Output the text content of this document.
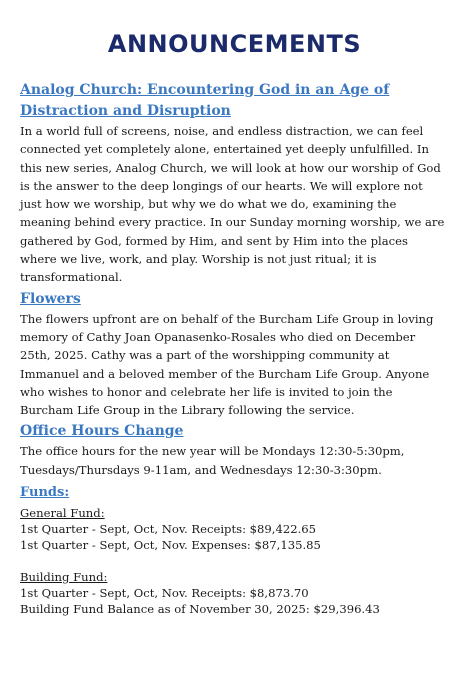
ANNOUNCEMENTS

Analog Church: Encountering God in an Age of Distraction and Disruption

In a world full of screens, noise, and endless distraction, we can feel connected yet completely alone, entertained yet deeply unfulfilled. In this new series, Analog Church, we will look at how our worship of God is the answer to the deep longings of our hearts. We will explore not just how we worship, but why we do what we do, examining the meaning behind every practice. In our Sunday morning worship, we are gathered by God, formed by Him, and sent by Him into the places where we live, work, and play. Worship is not just ritual; it is transformational.

Flowers

The flowers upfront are on behalf of the Burcham Life Group in loving memory of Cathy Joan Opanasenko-Rosales who died on December 25th, 2025. Cathy was a part of the worshipping community at Immanuel and a beloved member of the Burcham Life Group. Anyone who wishes to honor and celebrate her life is invited to join the Burcham Life Group in the Library following the service.

Office Hours Change

The office hours for the new year will be Mondays 12:30-5:30pm, Tuesdays/Thursdays 9-11am, and Wednesdays 12:30-3:30pm.

Funds:

General Fund:

1st Quarter - Sept, Oct, Nov. Receipts: $89,422.65

1st Quarter - Sept, Oct, Nov. Expenses: $87,135.85

Building Fund:

1st Quarter - Sept, Oct, Nov. Receipts: $8,873.70

Building Fund Balance as of November 30, 2025: $29,396.43
